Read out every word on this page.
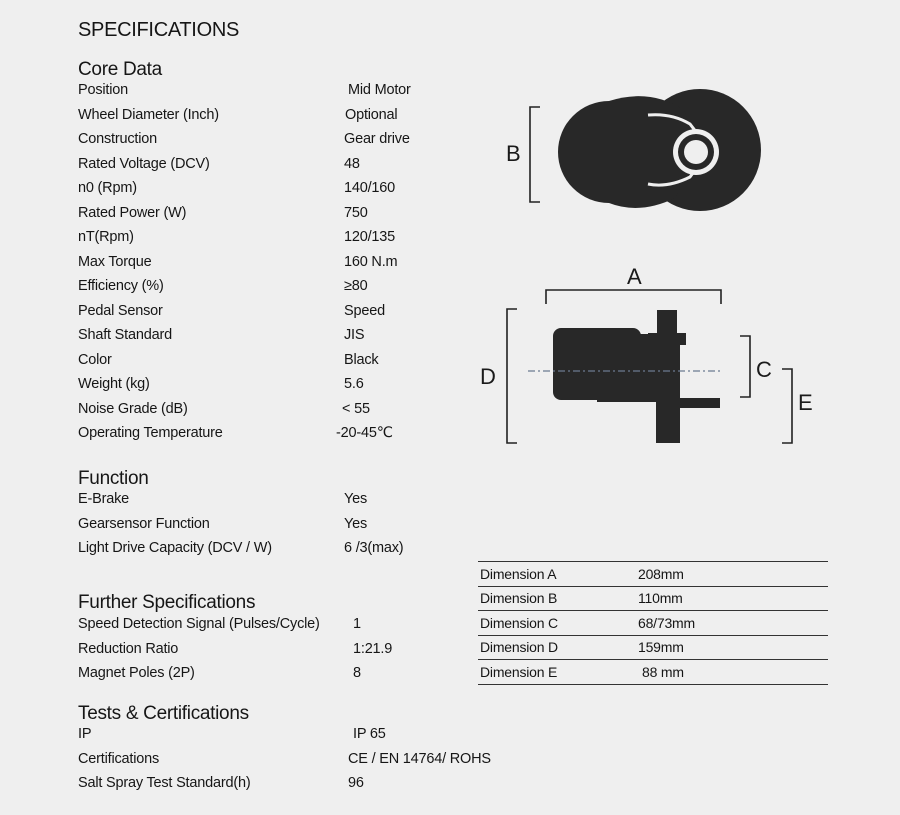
SPECIFICATIONS
Core Data
Position	Mid Motor
Wheel Diameter (Inch)	Optional
Construction	Gear drive
Rated Voltage (DCV)	48
n0 (Rpm)	140/160
Rated Power (W)	750
nT(Rpm)	120/135
Max Torque	160 N.m
Efficiency (%)	≥80
Pedal Sensor	Speed
Shaft Standard	JIS
Color	Black
Weight (kg)	5.6
Noise Grade (dB)	< 55
Operating Temperature	-20-45℃
Function
E-Brake	Yes
Gearsensor Function	Yes
Light Drive Capacity (DCV / W)	6 /3(max)
Further Specifications
Speed Detection Signal (Pulses/Cycle) 1
Reduction Ratio	1:21.9
Magnet Poles (2P)	8
Tests & Certifications
IP	IP 65
Certifications	CE / EN 14764/ ROHS
Salt Spray Test Standard(h)	96
B
A
D	C
E
Dimension A	208mm
Dimension B	110mm
Dimension C	68/73mm
Dimension D	159mm
Dimension E	88 mm
